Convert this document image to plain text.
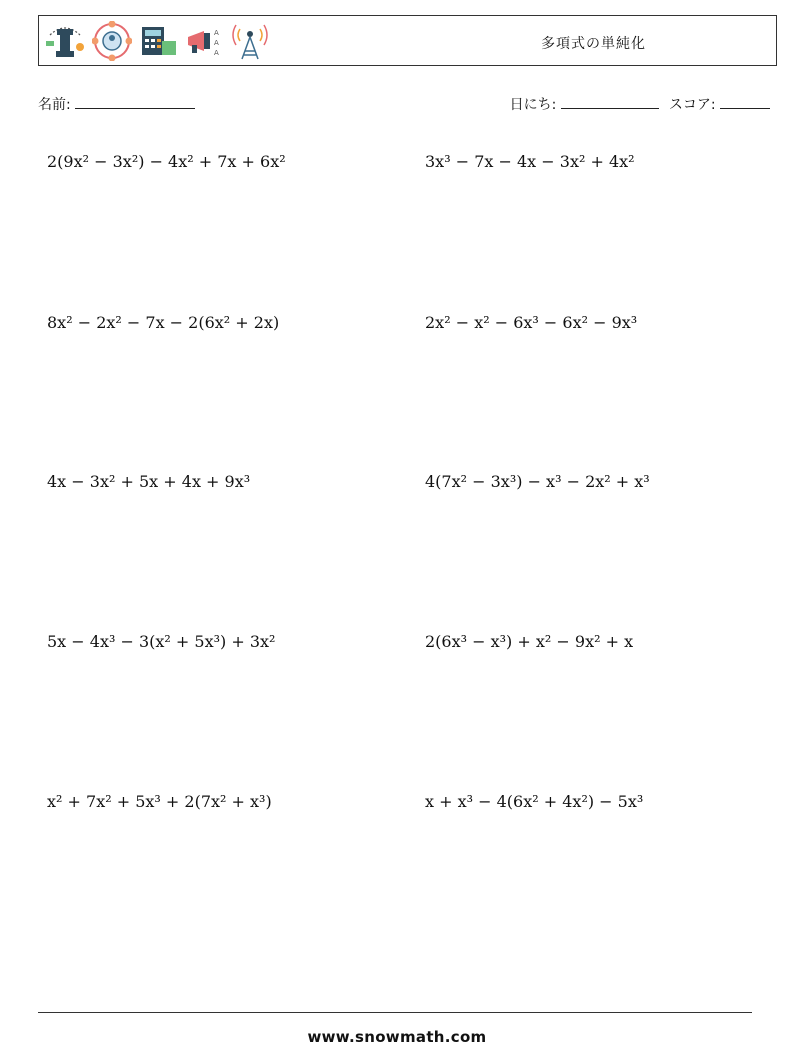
A
A
A
多項式の単純化
名前:	日にち:	スコア:
2(9x² − 3x²) − 4x² + 7x + 6x²	3x³ − 7x − 4x − 3x² + 4x²
8x² − 2x² − 7x − 2(6x² + 2x)	2x² − x² − 6x³ − 6x² − 9x³
4x − 3x² + 5x + 4x + 9x³	4(7x² − 3x³) − x³ − 2x² + x³
5x − 4x³ − 3(x² + 5x³) + 3x²	2(6x³ − x³) + x² − 9x² + x
x² + 7x² + 5x³ + 2(7x² + x³)	x + x³ − 4(6x² + 4x²) − 5x³
www.snowmath.com
